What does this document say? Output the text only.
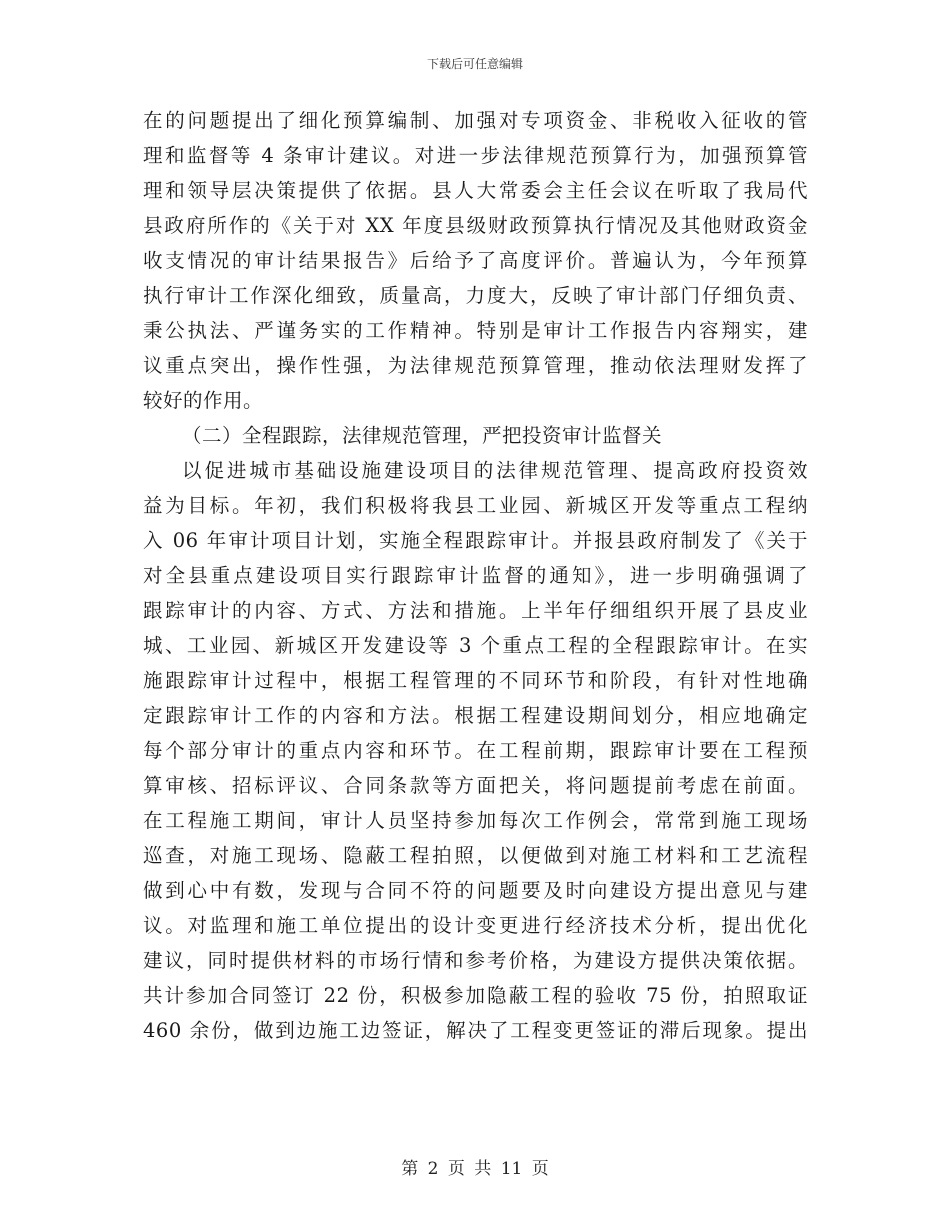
下载后可任意编辑
在的问题提出了细化预算编制、加强对专项资金、非税收入征收的管
理和监督等 4 条审计建议。对进一步法律规范预算行为，加强预算管
理和领导层决策提供了依据。县人大常委会主任会议在听取了我局代
县政府所作的《关于对 XX 年度县级财政预算执行情况及其他财政资金
收支情况的审计结果报告》后给予了高度评价。普遍认为，今年预算
执行审计工作深化细致，质量高，力度大，反映了审计部门仔细负责、
秉公执法、严谨务实的工作精神。特别是审计工作报告内容翔实，建
议重点突出，操作性强，为法律规范预算管理，推动依法理财发挥了
较好的作用。
（二）全程跟踪，法律规范管理，严把投资审计监督关
以促进城市基础设施建设项目的法律规范管理、提高政府投资效
益为目标。年初，我们积极将我县工业园、新城区开发等重点工程纳
入 06 年审计项目计划，实施全程跟踪审计。并报县政府制发了《关于
对全县重点建设项目实行跟踪审计监督的通知》，进一步明确强调了
跟踪审计的内容、方式、方法和措施。上半年仔细组织开展了县皮业
城、工业园、新城区开发建设等 3 个重点工程的全程跟踪审计。在实
施跟踪审计过程中，根据工程管理的不同环节和阶段，有针对性地确
定跟踪审计工作的内容和方法。根据工程建设期间划分，相应地确定
每个部分审计的重点内容和环节。在工程前期，跟踪审计要在工程预
算审核、招标评议、合同条款等方面把关，将问题提前考虑在前面。
在工程施工期间，审计人员坚持参加每次工作例会，常常到施工现场
巡查，对施工现场、隐蔽工程拍照，以便做到对施工材料和工艺流程
做到心中有数，发现与合同不符的问题要及时向建设方提出意见与建
议。对监理和施工单位提出的设计变更进行经济技术分析，提出优化
建议，同时提供材料的市场行情和参考价格，为建设方提供决策依据。
共计参加合同签订 22 份，积极参加隐蔽工程的验收 75 份，拍照取证
460 余份，做到边施工边签证，解决了工程变更签证的滞后现象。提出
第 2 页 共 11 页
